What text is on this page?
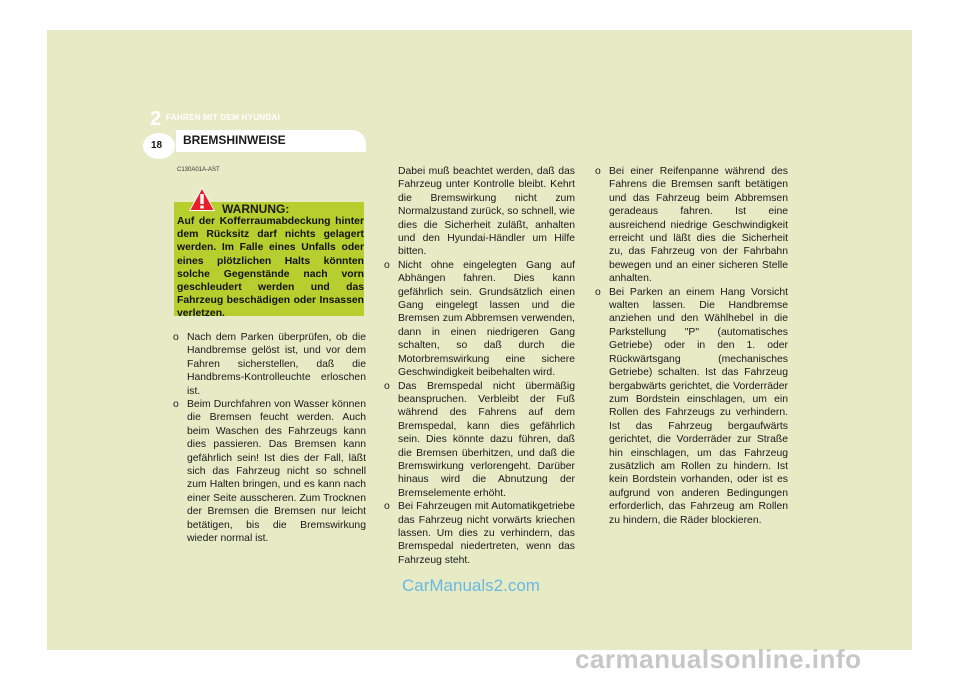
2 FAHREN MIT DEM HYUNDAI
18 BREMSHINWEISE
C130A01A-AST
WARNUNG:
Auf der Kofferraumabdeckung hinter dem Rücksitz darf nichts gelagert werden. Im Falle eines Unfalls oder eines plötzlichen Halts könnten solche Gegenstände nach vorn geschleudert werden und das Fahrzeug beschädigen oder Insassen verletzen.
o Nach dem Parken überprüfen, ob die Handbremse gelöst ist, und vor dem Fahren sicherstellen, daß die Handbrems-Kontrolleuchte erloschen ist.
o Beim Durchfahren von Wasser können die Bremsen feucht werden. Auch beim Waschen des Fahrzeugs kann dies passieren. Das Bremsen kann gefährlich sein! Ist dies der Fall, läßt sich das Fahrzeug nicht so schnell zum Halten bringen, und es kann nach einer Seite ausscheren. Zum Trocknen der Bremsen die Bremsen nur leicht betätigen, bis die Bremswirkung wieder normal ist.

Dabei muß beachtet werden, daß das Fahrzeug unter Kontrolle bleibt. Kehrt die Bremswirkung nicht zum Normalzustand zurück, so schnell, wie dies die Sicherheit zuläßt, anhalten und den Hyundai-Händler um Hilfe bitten.

o Nicht ohne eingelegten Gang auf Abhängen fahren. Dies kann gefährlich sein. Grundsätzlich einen Gang eingelegt lassen und die Bremsen zum Abbremsen verwenden, dann in einen niedrigeren Gang schalten, so daß durch die Motorbremswirkung eine sichere Geschwindigkeit beibehalten wird.
o Das Bremspedal nicht übermäßig beanspruchen. Verbleibt der Fuß während des Fahrens auf dem Bremspedal, kann dies gefährlich sein. Dies könnte dazu führen, daß die Bremsen überhitzen, und daß die Bremswirkung verlorengeht. Darüber hinaus wird die Abnutzung der Bremselemente erhöht.
o Bei Fahrzeugen mit Automatikgetriebe das Fahrzeug nicht vorwärts kriechen lassen. Um dies zu verhindern, das Bremspedal niedertreten, wenn das Fahrzeug steht.
o Bei einer Reifenpanne während des Fahrens die Bremsen sanft betätigen und das Fahrzeug beim Abbremsen geradeaus fahren. Ist eine ausreichend niedrige Geschwindigkeit erreicht und läßt dies die Sicherheit zu, das Fahrzeug von der Fahrbahn bewegen und an einer sicheren Stelle anhalten.
o Bei Parken an einem Hang Vorsicht walten lassen. Die Handbremse anziehen und den Wählhebel in die Parkstellung "P" (automatisches Getriebe) oder in den 1. oder Rückwärtsgang (mechanisches Getriebe) schalten. Ist das Fahrzeug bergabwärts gerichtet, die Vorderräder zum Bordstein einschlagen, um ein Rollen des Fahrzeugs zu verhindern. Ist das Fahrzeug bergaufwärts gerichtet, die Vorderräder zur Straße hin einschlagen, um das Fahrzeug zusätzlich am Rollen zu hindern. Ist kein Bordstein vorhanden, oder ist es aufgrund von anderen Bedingungen erforderlich, das Fahrzeug am Rollen zu hindern, die Räder blockieren.
CarManuals2.com
carmanualsonline.info
